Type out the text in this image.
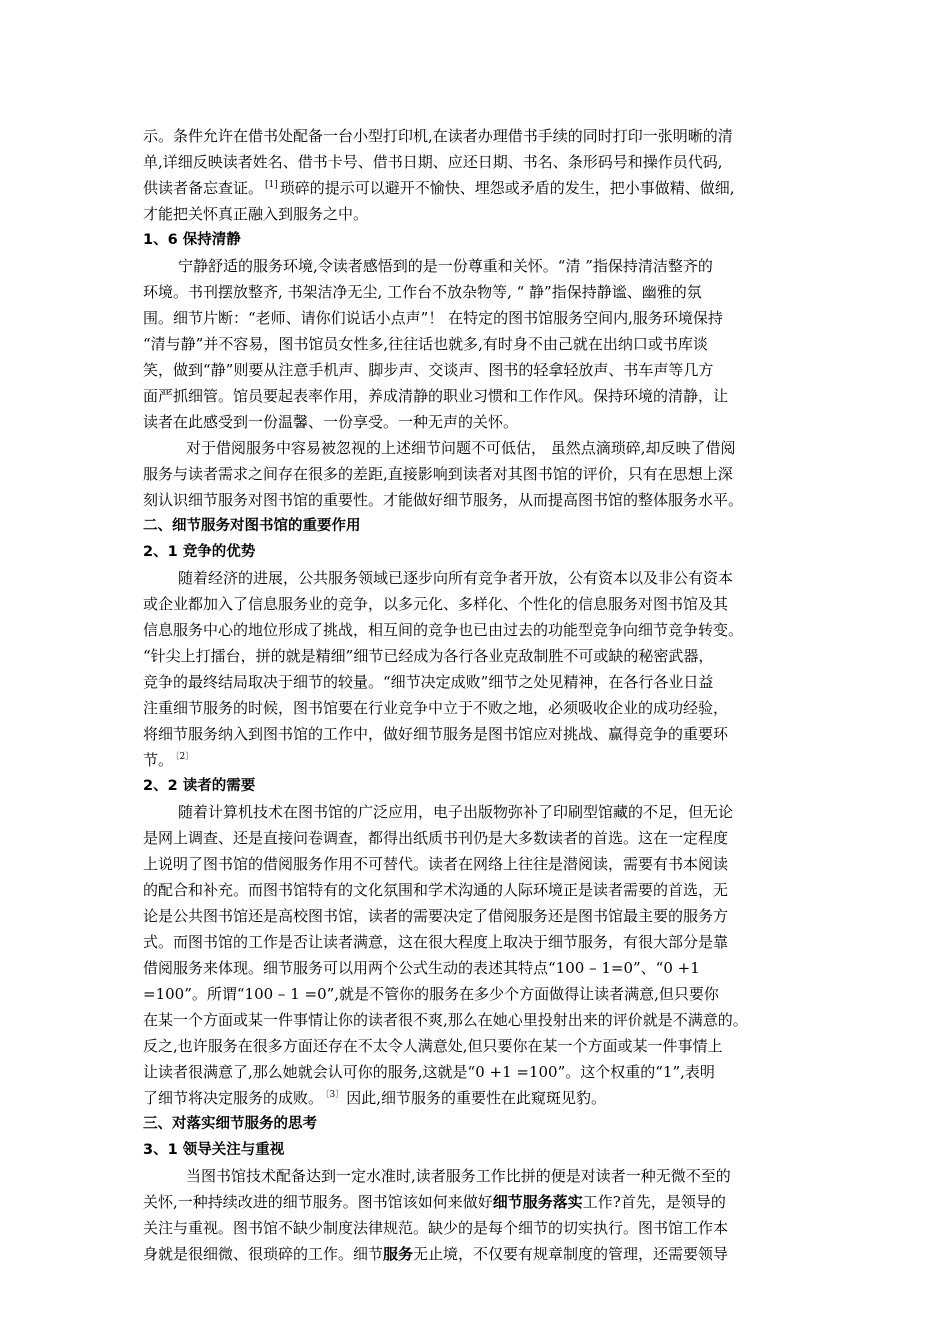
示。条件允许在借书处配备一台小型打印机,在读者办理借书手续的同时打印一张明晰的清
单,详细反映读者姓名、借书卡号、借书日期、应还日期、书名、条形码号和操作员代码,
供读者备忘查证。 [1] 琐碎的提示可以避开不愉快、埋怨或矛盾的发生，把小事做精、做细,
才能把关怀真正融入到服务之中。
1、6 保持清静
宁静舒适的服务环境,令读者感悟到的是一份尊重和关怀。“清 ”指保持清洁整齐的
环境。书刊摆放整齐, 书架洁净无尘, 工作台不放杂物等, “ 静”指保持静谧、幽雅的氛
围。细节片断：“老师、请你们说话小点声”！ 在特定的图书馆服务空间内,服务环境保持
“清与静”并不容易，图书馆员女性多,往往话也就多,有时身不由己就在出纳口或书库谈
笑，做到“静”则要从注意手机声、脚步声、交谈声、图书的轻拿轻放声、书车声等几方
面严抓细管。馆员要起表率作用，养成清静的职业习惯和工作作风。保持环境的清静，让
读者在此感受到一份温馨、一份享受。一种无声的关怀。
对于借阅服务中容易被忽视的上述细节问题不可低估， 虽然点滴琐碎,却反映了借阅
服务与读者需求之间存在很多的差距,直接影响到读者对其图书馆的评价，只有在思想上深
刻认识细节服务对图书馆的重要性。才能做好细节服务，从而提高图书馆的整体服务水平。
二、细节服务对图书馆的重要作用
2、1 竞争的优势
随着经济的进展，公共服务领域已逐步向所有竞争者开放，公有资本以及非公有资本
或企业都加入了信息服务业的竞争，以多元化、多样化、个性化的信息服务对图书馆及其
信息服务中心的地位形成了挑战，相互间的竞争也已由过去的功能型竞争向细节竞争转变。
“针尖上打擂台，拼的就是精细”细节已经成为各行各业克敌制胜不可或缺的秘密武器，
竞争的最终结局取决于细节的较量。“细节决定成败”细节之处见精神，在各行各业日益
注重细节服务的时候，图书馆要在行业竞争中立于不败之地，必须吸收企业的成功经验，
将细节服务纳入到图书馆的工作中，做好细节服务是图书馆应对挑战、赢得竞争的重要环
节。 $^{〔2〕}$
2、2 读者的需要
随着计算机技术在图书馆的广泛应用，电子出版物弥补了印刷型馆藏的不足，但无论
是网上调查、还是直接问卷调查，都得出纸质书刊仍是大多数读者的首选。这在一定程度
上说明了图书馆的借阅服务作用不可替代。读者在网络上往往是潜阅读，需要有书本阅读
的配合和补充。而图书馆特有的文化氛围和学术沟通的人际环境正是读者需要的首选，无
论是公共图书馆还是高校图书馆，读者的需要决定了借阅服务还是图书馆最主要的服务方
式。而图书馆的工作是否让读者满意，这在很大程度上取决于细节服务，有很大部分是靠
借阅服务来体现。细节服务可以用两个公式生动的表述其特点“100 – 1=0”、“0 +1
=100”。所谓“100 – 1 =0”,就是不管你的服务在多少个方面做得让读者满意,但只要你
在某一个方面或某一件事情让你的读者很不爽,那么在她心里投射出来的评价就是不满意的。
反之,也许服务在很多方面还存在不太令人满意处,但只要你在某一个方面或某一件事情上
让读者很满意了,那么她就会认可你的服务,这就是“0 +1 =100”。这个权重的“1”,表明
了细节将决定服务的成败。 $^{〔3〕}$ 因此,细节服务的重要性在此窥斑见豹。
三、对落实细节服务的思考
3、1 领导关注与重视
当图书馆技术配备达到一定水准时,读者服务工作比拼的便是对读者一种无微不至的
关怀,一种持续改进的细节服务。图书馆该如何来做好细节服务落实工作?首先，是领导的
关注与重视。图书馆不缺少制度法律规范。缺少的是每个细节的切实执行。图书馆工作本
身就是很细微、很琐碎的工作。细节服务无止境，不仅要有规章制度的管理，还需要领导
